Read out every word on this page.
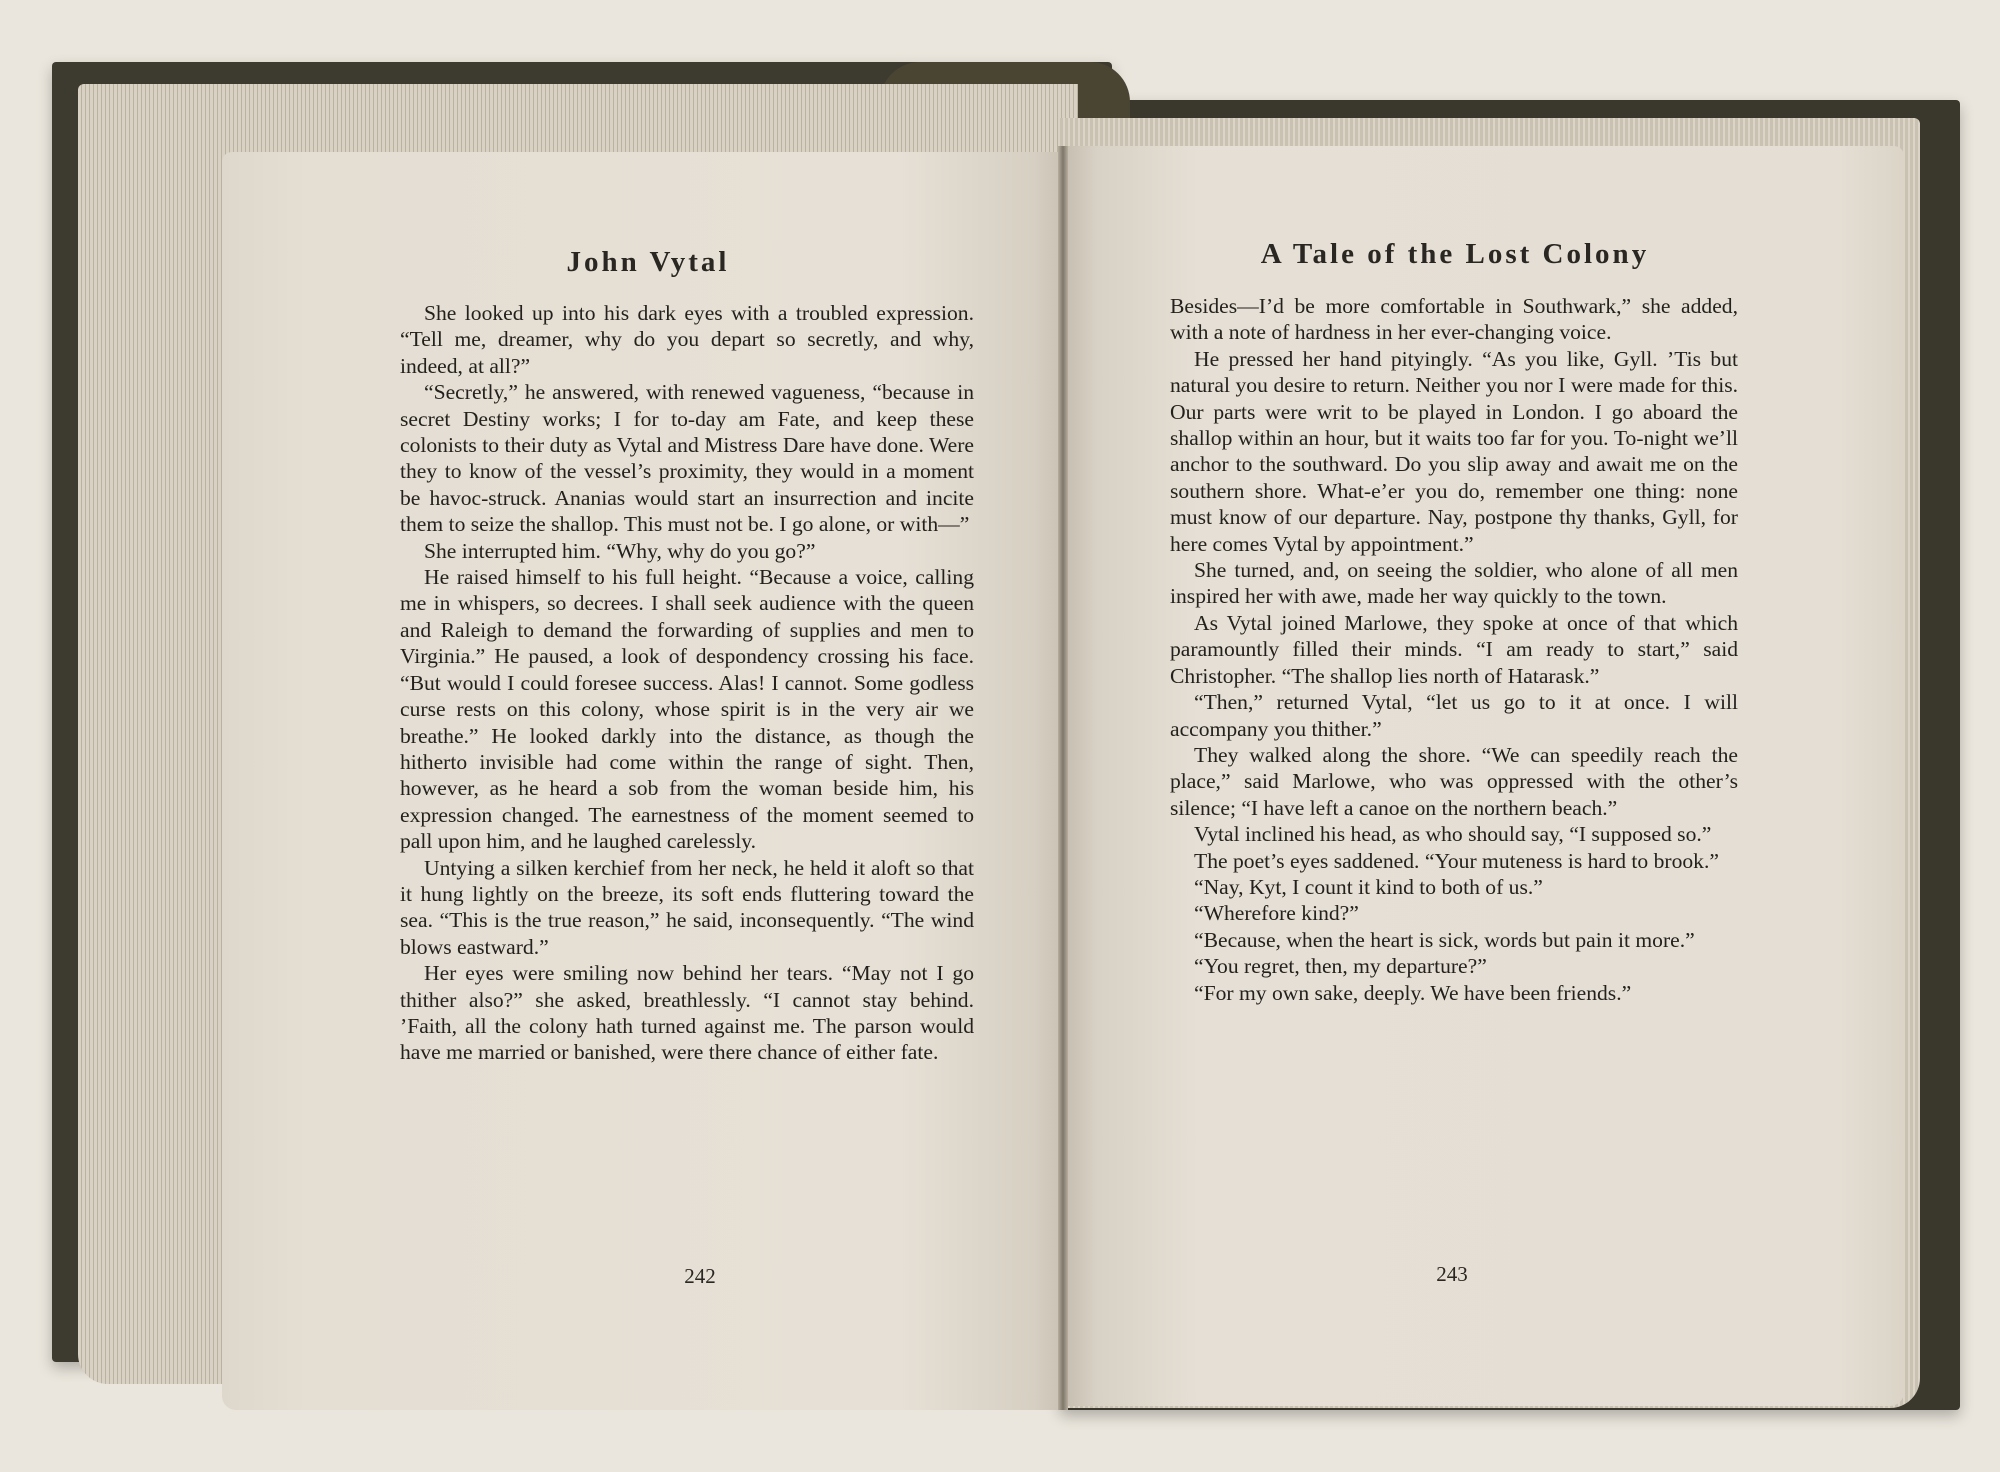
John Vytal

She looked up into his dark eyes with a troubled expression. “Tell me, dreamer, why do you depart so secretly, and why, indeed, at all?”

“Secretly,” he answered, with renewed vagueness, “because in secret Destiny works; I for to-day am Fate, and keep these colonists to their duty as Vytal and Mistress Dare have done. Were they to know of the vessel’s proximity, they would in a moment be havoc-struck. Ananias would start an insurrection and incite them to seize the shallop. This must not be. I go alone, or with—”

She interrupted him. “Why, why do you go?”

He raised himself to his full height. “Because a voice, calling me in whispers, so decrees. I shall seek audience with the queen and Raleigh to demand the forwarding of supplies and men to Virginia.” He paused, a look of despondency crossing his face. “But would I could foresee success. Alas! I cannot. Some godless curse rests on this colony, whose spirit is in the very air we breathe.” He looked darkly into the distance, as though the hitherto invisible had come within the range of sight. Then, however, as he heard a sob from the woman beside him, his expression changed. The earnestness of the moment seemed to pall upon him, and he laughed carelessly.

Untying a silken kerchief from her neck, he held it aloft so that it hung lightly on the breeze, its soft ends fluttering toward the sea. “This is the true reason,” he said, inconsequently. “The wind blows eastward.”

Her eyes were smiling now behind her tears. “May not I go thither also?” she asked, breathlessly. “I cannot stay behind. ’Faith, all the colony hath turned against me. The parson would have me married or banished, were there chance of either fate.

242
A Tale of the Lost Colony

Besides—I’d be more comfortable in Southwark,” she added, with a note of hardness in her ever-changing voice.

He pressed her hand pityingly. “As you like, Gyll. ’Tis but natural you desire to return. Neither you nor I were made for this. Our parts were writ to be played in London. I go aboard the shallop within an hour, but it waits too far for you. To-night we’ll anchor to the southward. Do you slip away and await me on the southern shore. What-e’er you do, remember one thing: none must know of our departure. Nay, postpone thy thanks, Gyll, for here comes Vytal by appointment.”

She turned, and, on seeing the soldier, who alone of all men inspired her with awe, made her way quickly to the town.

As Vytal joined Marlowe, they spoke at once of that which paramountly filled their minds. “I am ready to start,” said Christopher. “The shallop lies north of Hatarask.”

“Then,” returned Vytal, “let us go to it at once. I will accompany you thither.”

They walked along the shore. “We can speedily reach the place,” said Marlowe, who was oppressed with the other’s silence; “I have left a canoe on the northern beach.”

Vytal inclined his head, as who should say, “I supposed so.”

The poet’s eyes saddened. “Your muteness is hard to brook.”

“Nay, Kyt, I count it kind to both of us.”

“Wherefore kind?”

“Because, when the heart is sick, words but pain it more.”

“You regret, then, my departure?”

“For my own sake, deeply. We have been friends.”

243
